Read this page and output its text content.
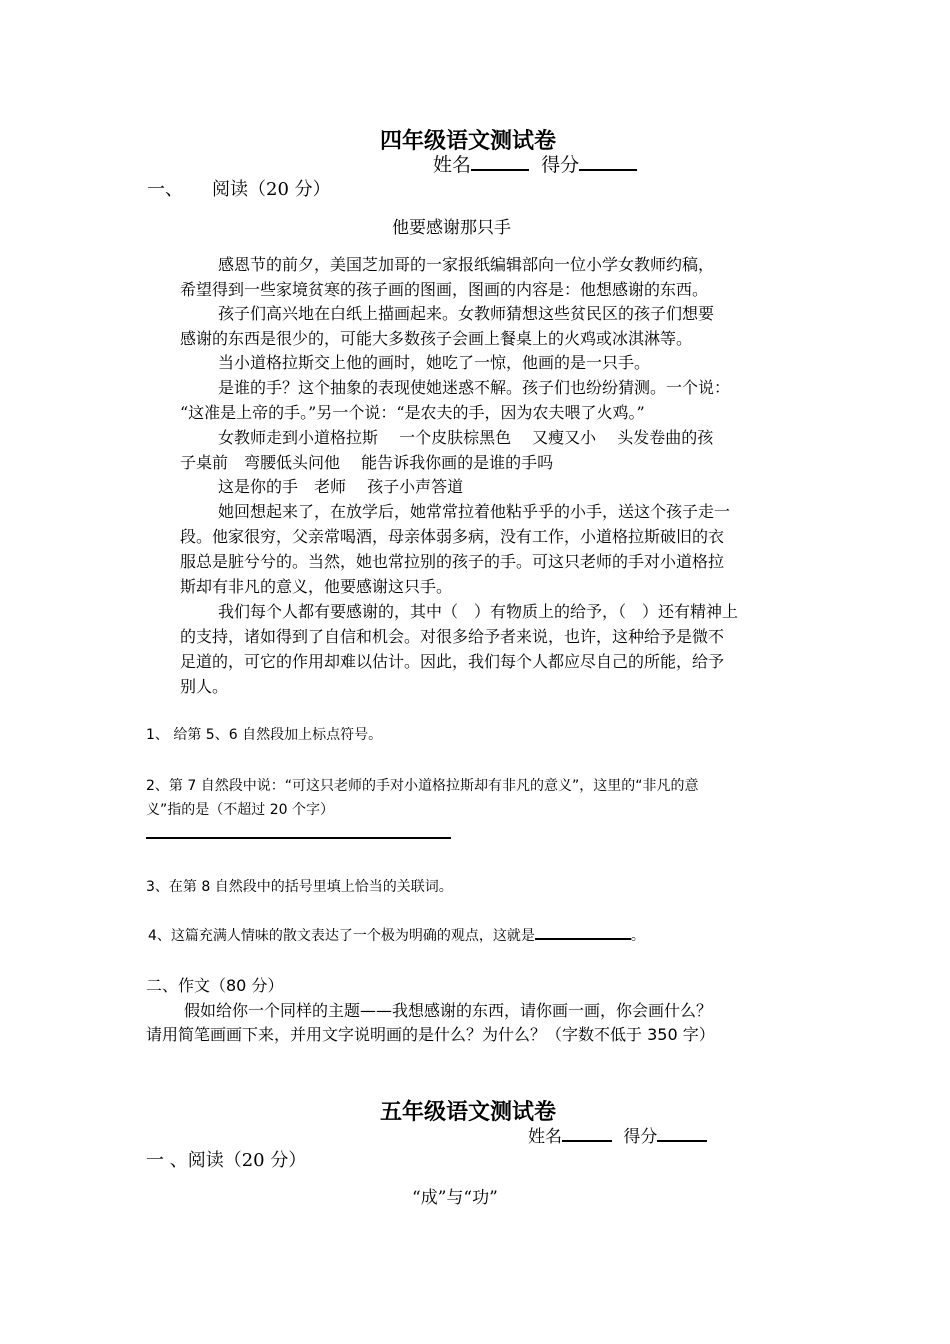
四年级语文测试卷
姓名	得分
一、 阅读（20 分）
他要感谢那只手
感恩节的前夕，美国芝加哥的一家报纸编辑部向一位小学女教师约稿，
希望得到一些家境贫寒的孩子画的图画，图画的内容是：他想感谢的东西。
孩子们高兴地在白纸上描画起来。女教师猜想这些贫民区的孩子们想要
感谢的东西是很少的，可能大多数孩子会画上餐桌上的火鸡或冰淇淋等。
当小道格拉斯交上他的画时，她吃了一惊，他画的是一只手。
是谁的手？这个抽象的表现使她迷惑不解。孩子们也纷纷猜测。一个说：
“这准是上帝的手。”另一个说：“是农夫的手，因为农夫喂了火鸡。”
女教师走到小道格拉斯　 一个皮肤棕黑色　 又瘦又小　 头发卷曲的孩
子桌前　弯腰低头问他　 能告诉我你画的是谁的手吗
这是你的手　老师　 孩子小声答道
她回想起来了，在放学后，她常常拉着他粘乎乎的小手，送这个孩子走一
段。他家很穷，父亲常喝酒，母亲体弱多病，没有工作，小道格拉斯破旧的衣
服总是脏兮兮的。当然，她也常拉别的孩子的手。可这只老师的手对小道格拉
斯却有非凡的意义，他要感谢这只手。
我们每个人都有要感谢的，其中（　）有物质上的给予，（　）还有精神上
的支持，诸如得到了自信和机会。对很多给予者来说，也许，这种给予是微不
足道的，可它的作用却难以估计。因此，我们每个人都应尽自己的所能，给予
别人。
1、 给第 5、6 自然段加上标点符号。
2、第 7 自然段中说：“可这只老师的手对小道格拉斯却有非凡的意义”，这里的“非凡的意
义”指的是（不超过 20 个字）
3、在第 8 自然段中的括号里填上恰当的关联词。
4、这篇充满人情味的散文表达了一个极为明确的观点，这就是	。
二、作文（80 分）
假如给你一个同样的主题——我想感谢的东西，请你画一画，你会画什么？
请用简笔画画下来，并用文字说明画的是什么？为什么？（字数不低于 350 字）
五年级语文测试卷
姓名	得分
一 、阅读（20 分）
“成”与“功”
